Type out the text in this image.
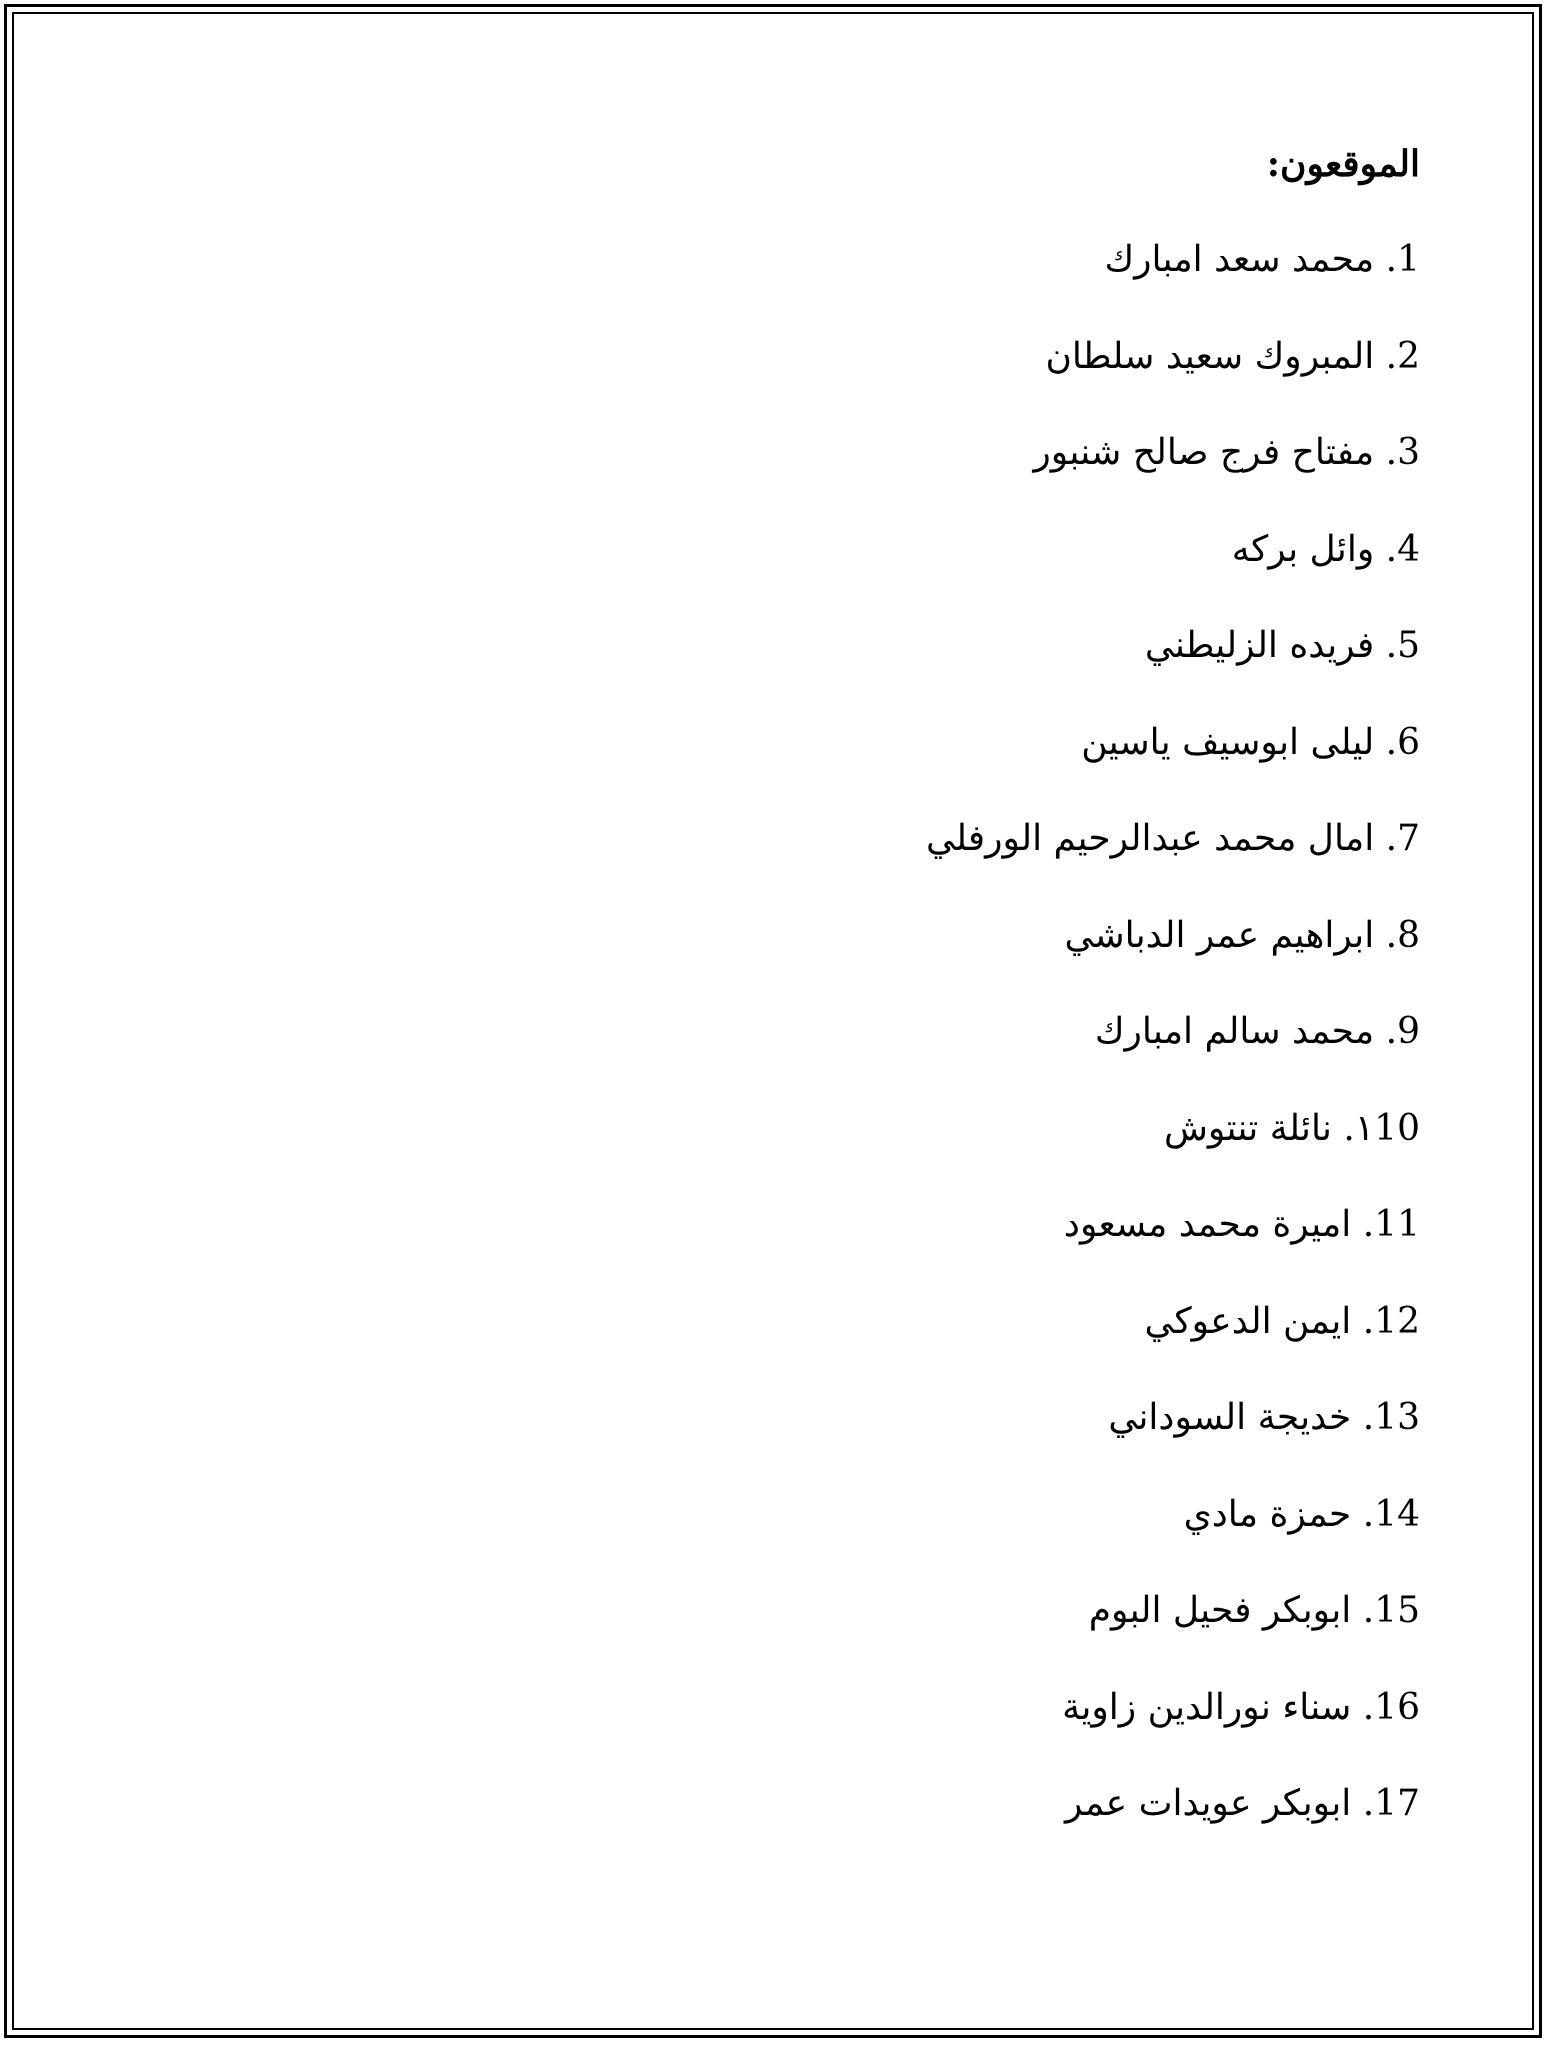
الموقعون:
1. محمد سعد امبارك
2. المبروك سعيد سلطان
3. مفتاح فرج صالح شنبور
4. وائل بركه
5. فريده الزليطني
6. ليلى ابوسيف ياسين
7. امال محمد عبدالرحيم الورفلي
8. ابراهيم عمر الدباشي
9. محمد سالم امبارك
١10. نائلة تنتوش
11. اميرة محمد مسعود
12. ايمن الدعوكي
13. خديجة السوداني
14. حمزة مادي
15. ابوبكر فحيل البوم
16. سناء نورالدين زاوية
17. ابوبكر عويدات عمر
